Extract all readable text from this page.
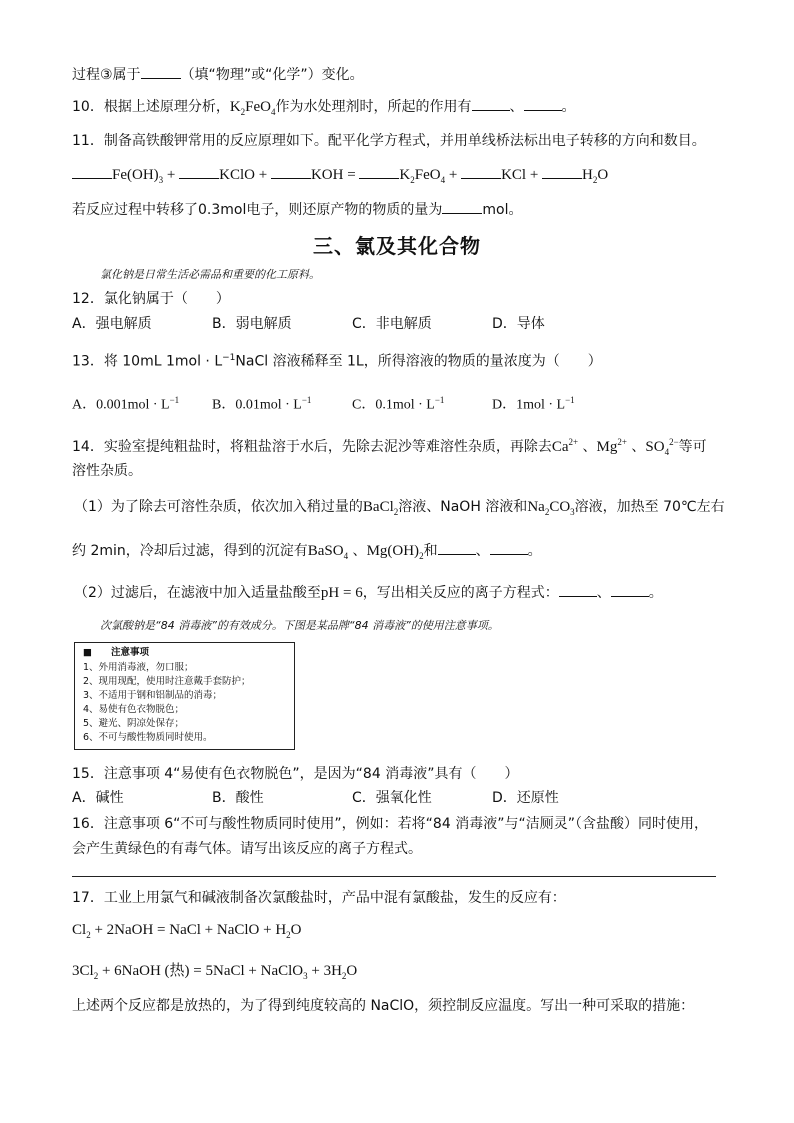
过程③属于	（填“物理”或“化学”）变化。
10．根据上述原理分析，$K_2FeO_4$作为水处理剂时，所起的作用有	、	。
11．制备高铁酸钾常用的反应原理如下。配平化学方程式，并用单线桥法标出电子转移的方向和数目。
$Fe(OH)_3$ +	KClO +	KOH =	$K_2FeO_4$ +	KCl +	$H_2O$
若反应过程中转移了0.3mol电子，则还原产物的物质的量为	mol。
三、氯及其化合物
氯化钠是日常生活必需品和重要的化工原料。
12．氯化钠属于（　　）
A．强电解质	B．弱电解质	C．非电解质	D．导体
13．将 10mL $1mol \cdot L^{-1}NaCl$ 溶液稀释至 1L，所得溶液的物质的量浓度为（　　）
A．$0.001mol \cdot L^{-1}$ B．$0.01mol \cdot L^{-1}$	C．$0.1mol \cdot L^{-1}$	D．$1mol \cdot L^{-1}$
14．实验室提纯粗盐时，将粗盐溶于水后，先除去泥沙等难溶性杂质，再除去$Ca^{2+}$ 、$Mg^{2+}$ 、$SO_4^{2-}$等可
溶性杂质。
（1）为了除去可溶性杂质，依次加入稍过量的BaCl$_2$溶液、NaOH 溶液和$Na_2CO_3$溶液，加热至 70℃左右
约 2min，冷却后过滤，得到的沉淀有BaSO$_4$ 、$Mg(OH)_2$和	、	。
（2）过滤后，在滤液中加入适量盐酸至pH = 6，写出相关反应的离子方程式：	、	。
次氯酸钠是“84 消毒液”的有效成分。下图是某品牌“84 消毒液”的使用注意事项。
■　　注意事项
1、外用消毒液，勿口服；
2、现用现配，使用时注意戴手套防护；
3、不适用于钢和铝制品的消毒；
4、易使有色衣物脱色；
5、避光、阴凉处保存；
6、不可与酸性物质同时使用。
15．注意事项 4“易使有色衣物脱色”，是因为“84 消毒液”具有（　　）
A．碱性	B．酸性	C．强氧化性	D．还原性
16．注意事项 6“不可与酸性物质同时使用”，例如：若将“84 消毒液”与“洁厕灵”（含盐酸）同时使用，
会产生黄绿色的有毒气体。请写出该反应的离子方程式。
17．工业上用氯气和碱液制备次氯酸盐时，产品中混有氯酸盐，发生的反应有：
$Cl_2$ + 2NaOH = NaCl + NaClO + $H_2O$
$3Cl_2$ + 6NaOH (热) = 5NaCl + NaClO$_3$ + $3H_2O$
上述两个反应都是放热的，为了得到纯度较高的 NaClO，须控制反应温度。写出一种可采取的措施：
